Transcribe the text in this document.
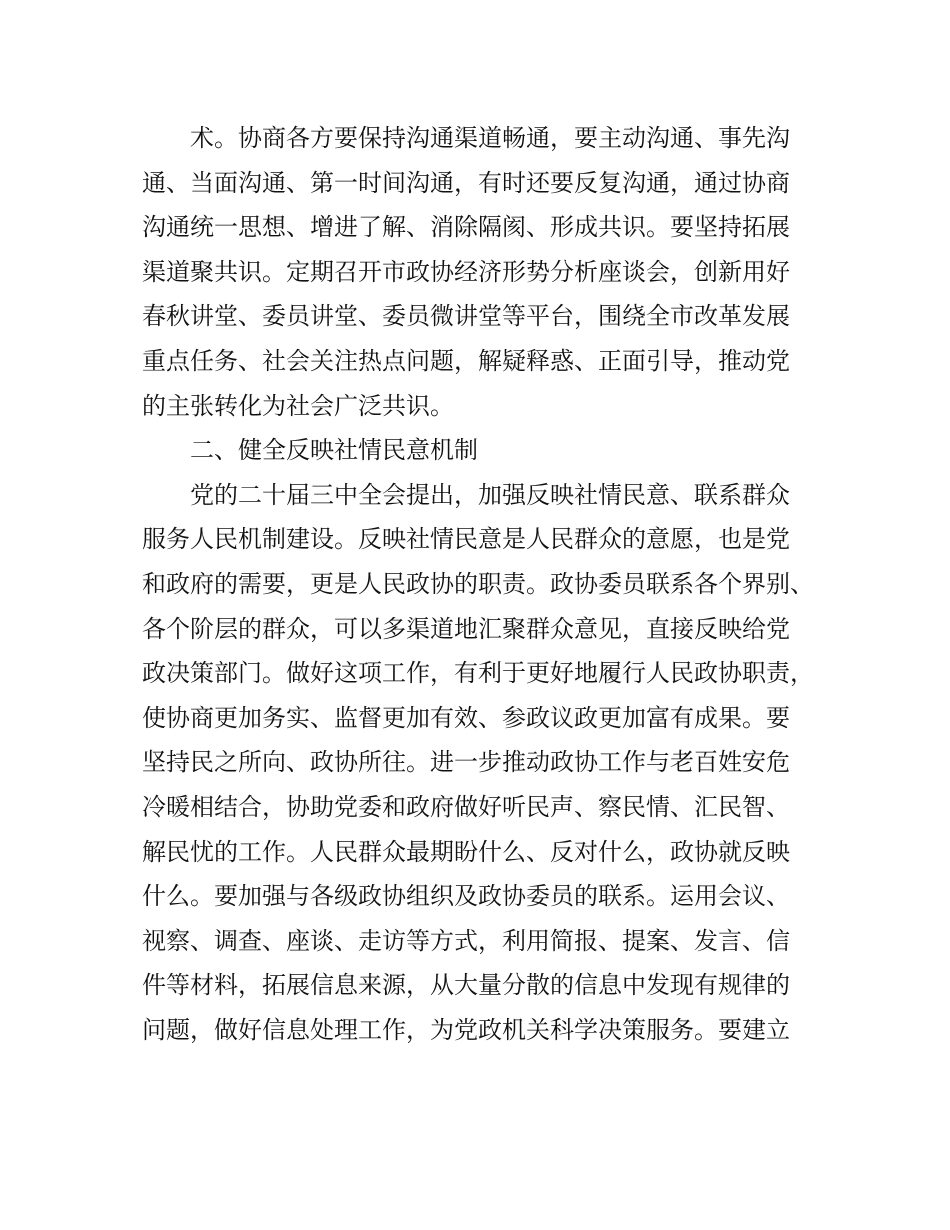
术。协商各方要保持沟通渠道畅通，要主动沟通、事先沟
通、当面沟通、第一时间沟通，有时还要反复沟通，通过协商
沟通统一思想、增进了解、消除隔阂、形成共识。要坚持拓展
渠道聚共识。定期召开市政协经济形势分析座谈会，创新用好
春秋讲堂、委员讲堂、委员微讲堂等平台，围绕全市改革发展
重点任务、社会关注热点问题，解疑释惑、正面引导，推动党
的主张转化为社会广泛共识。
二、健全反映社情民意机制
党的二十届三中全会提出，加强反映社情民意、联系群众
服务人民机制建设。反映社情民意是人民群众的意愿，也是党
和政府的需要，更是人民政协的职责。政协委员联系各个界别、
各个阶层的群众，可以多渠道地汇聚群众意见，直接反映给党
政决策部门。做好这项工作，有利于更好地履行人民政协职责，
使协商更加务实、监督更加有效、参政议政更加富有成果。要
坚持民之所向、政协所往。进一步推动政协工作与老百姓安危
冷暖相结合，协助党委和政府做好听民声、察民情、汇民智、
解民忧的工作。人民群众最期盼什么、反对什么，政协就反映
什么。要加强与各级政协组织及政协委员的联系。运用会议、
视察、调查、座谈、走访等方式，利用简报、提案、发言、信
件等材料，拓展信息来源，从大量分散的信息中发现有规律的
问题，做好信息处理工作，为党政机关科学决策服务。要建立
